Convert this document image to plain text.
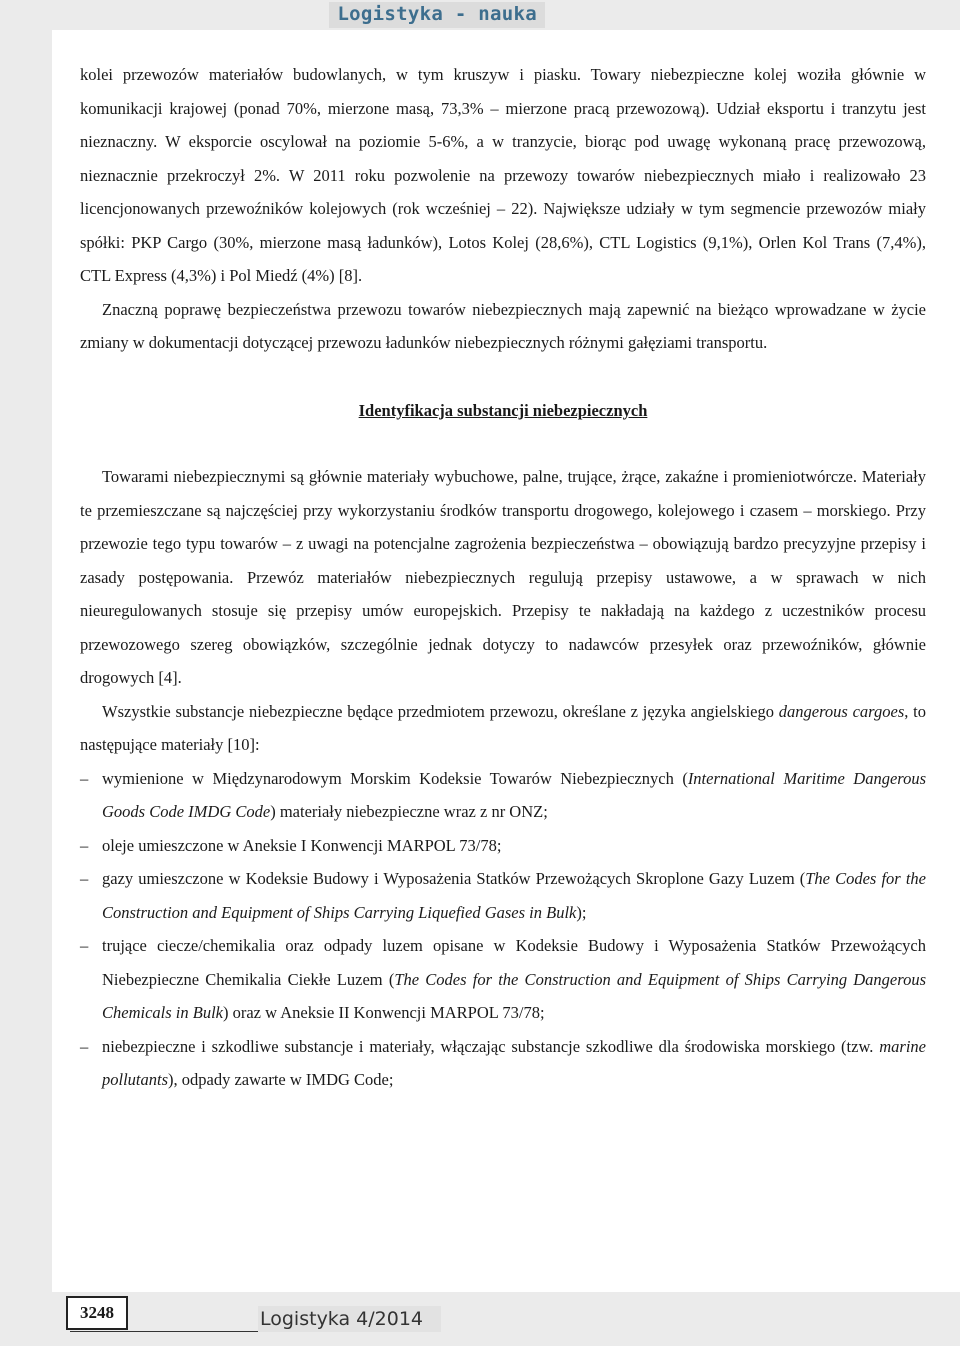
Logistyka - nauka

kolei przewozów materiałów budowlanych, w tym kruszyw i piasku. Towary niebezpieczne kolej woziła głównie w komunikacji krajowej (ponad 70%, mierzone masą, 73,3% – mierzone pracą przewozową). Udział eksportu i tranzytu jest nieznaczny. W eksporcie oscylował na poziomie 5-6%, a w tranzycie, biorąc pod uwagę wykonaną pracę przewozową, nieznacznie przekroczył 2%. W 2011 roku pozwolenie na przewozy towarów niebezpiecznych miało i realizowało 23 licencjonowanych przewoźników kolejowych (rok wcześniej – 22). Największe udziały w tym segmencie przewozów miały spółki: PKP Cargo (30%, mierzone masą ładunków), Lotos Kolej (28,6%), CTL Logistics (9,1%), Orlen Kol Trans (7,4%), CTL Express (4,3%) i Pol Miedź (4%) [8].

Znaczną poprawę bezpieczeństwa przewozu towarów niebezpiecznych mają zapewnić na bieżąco wprowadzane w życie zmiany w dokumentacji dotyczącej przewozu ładunków niebezpiecznych różnymi gałęziami transportu.

Identyfikacja substancji niebezpiecznych

Towarami niebezpiecznymi są głównie materiały wybuchowe, palne, trujące, żrące, zakaźne i promieniotwórcze. Materiały te przemieszczane są najczęściej przy wykorzystaniu środków transportu drogowego, kolejowego i czasem – morskiego. Przy przewozie tego typu towarów – z uwagi na potencjalne zagrożenia bezpieczeństwa – obowiązują bardzo precyzyjne przepisy i zasady postępowania. Przewóz materiałów niebezpiecznych regulują przepisy ustawowe, a w sprawach w nich nieuregulowanych stosuje się przepisy umów europejskich. Przepisy te nakładają na każdego z uczestników procesu przewozowego szereg obowiązków, szczególnie jednak dotyczy to nadawców przesyłek oraz przewoźników, głównie drogowych [4].

Wszystkie substancje niebezpieczne będące przedmiotem przewozu, określane z języka angielskiego dangerous cargoes, to następujące materiały [10]:

– wymienione w Międzynarodowym Morskim Kodeksie Towarów Niebezpiecznych (International Maritime Dangerous Goods Code IMDG Code) materiały niebezpieczne wraz z nr ONZ;
– oleje umieszczone w Aneksie I Konwencji MARPOL 73/78;
– gazy umieszczone w Kodeksie Budowy i Wyposażenia Statków Przewożących Skroplone Gazy Luzem (The Codes for the Construction and Equipment of Ships Carrying Liquefied Gases in Bulk);
– trujące ciecze/chemikalia oraz odpady luzem opisane w Kodeksie Budowy i Wyposażenia Statków Przewożących Niebezpieczne Chemikalia Ciekłe Luzem (The Codes for the Construction and Equipment of Ships Carrying Dangerous Chemicals in Bulk) oraz w Aneksie II Konwencji MARPOL 73/78;
– niebezpieczne i szkodliwe substancje i materiały, włączając substancje szkodliwe dla środowiska morskiego (tzw. marine pollutants), odpady zawarte w IMDG Code;
3248	Logistyka 4/2014
